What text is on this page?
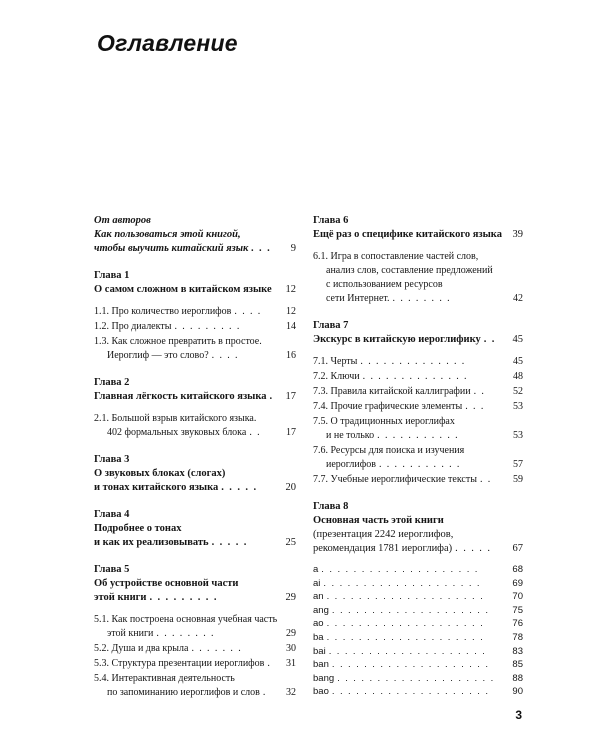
Оглавление
От авторов
Как пользоваться этой книгой,
чтобы выучить китайский язык . . .	9
Глава 1
О самом сложном в китайском языке	12
1.1. Про количество иероглифов . . . .	12
1.2. Про диалекты . . . . . . . . .	14
1.3. Как сложное превратить в простое.
Иероглиф — это слово? . . . .	16
Глава 2
Главная лёгкость китайского языка . 17
2.1. Большой взрыв китайского языка.
402 формальных звуковых блока . .	17
Глава 3
О звуковых блоках (слогах)
и тонах китайского языка . . . . .	20
Глава 4
Подробнее о тонах
и как их реализовывать . . . . .	25
Глава 5
Об устройстве основной части
этой книги . . . . . . . . .	29
5.1. Как построена основная учебная часть
этой книги . . . . . . . .	29
5.2. Душа и два крыла . . . . . . .	30
5.3. Структура презентации иероглифов .	31
5.4. Интерактивная деятельность
по запоминанию иероглифов и слов .	32
Глава 6
Ещё раз о специфике китайского языка 39
6.1. Игра в сопоставление частей слов,
анализ слов, составление предложений
с использованием ресурсов
сети Интернет. . . . . . . . .	42
Глава 7
Экскурс в китайскую иероглифику . .	45
7.1. Черты . . . . . . . . . . . . . .	45
7.2. Ключи . . . . . . . . . . . . . .	48
7.3. Правила китайской каллиграфии . .	52
7.4. Прочие графические элементы . . .	53
7.5. О традиционных иероглифах
и не только . . . . . . . . . . .	53
7.6. Ресурсы для поиска и изучения
иероглифов . . . . . . . . . . .	57
7.7. Учебные иероглифические тексты . .	59
Глава 8
Основная часть этой книги
(презентация 2242 иероглифов,
рекомендация 1781 иероглифа) . . . . .	67
a . . . . . . . . . . . . . . . . . . . .	68
ai . . . . . . . . . . . . . . . . . . . .	69
an . . . . . . . . . . . . . . . . . . . .	70
ang . . . . . . . . . . . . . . . . . . . .	75
ao . . . . . . . . . . . . . . . . . . . .	76
ba . . . . . . . . . . . . . . . . . . . .	78
bai . . . . . . . . . . . . . . . . . . . .	83
ban . . . . . . . . . . . . . . . . . . . .	85
bang . . . . . . . . . . . . . . . . . . . .	88
bao . . . . . . . . . . . . . . . . . . . .	90
3
